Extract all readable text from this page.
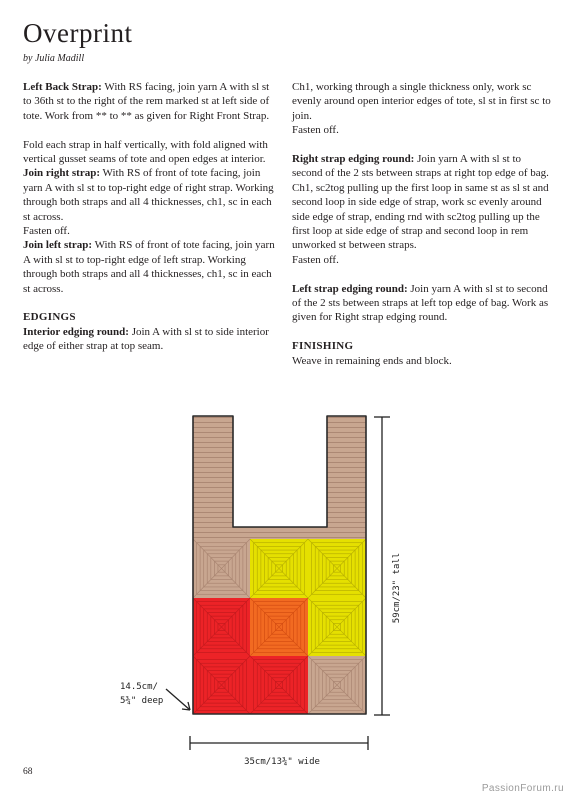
Overprint
by Julia Madill

Left Back Strap: With RS facing, join yarn A with sl st to 36th st to the right of the rem marked st at left side of tote. Work from ** to ** as given for Right Front Strap.

Fold each strap in half vertically, with fold aligned with vertical gusset seams of tote and open edges at interior.

Join right strap: With RS of front of tote facing, join yarn A with sl st to top-right edge of right strap. Working through both straps and all 4 thicknesses, ch1, sc in each st across.

Fasten off.

Join left strap: With RS of front of tote facing, join yarn A with sl st to top-right edge of left strap. Working through both straps and all 4 thicknesses, ch1, sc in each st across.

EDGINGS

Interior edging round: Join A with sl st to side interior edge of either strap at top seam.

Ch1, working through a single thickness only, work sc evenly around open interior edges of tote, sl st in first sc to join.

Fasten off.

Right strap edging round: Join yarn A with sl st to second of the 2 sts between straps at right top edge of bag. Ch1, sc2tog pulling up the first loop in same st as sl st and second loop in side edge of strap, work sc evenly around side edge of strap, ending rnd with sc2tog pulling up the first loop at side edge of strap and second loop in rem unworked st between straps.

Fasten off.

Left strap edging round: Join yarn A with sl st to second of the 2 sts between straps at left top edge of bag. Work as given for Right strap edging round.

FINISHING

Weave in remaining ends and block.

59cm/23" tall
35cm/13¾" wide
14.5cm/
5¾" deep
68
PassionForum.ru
